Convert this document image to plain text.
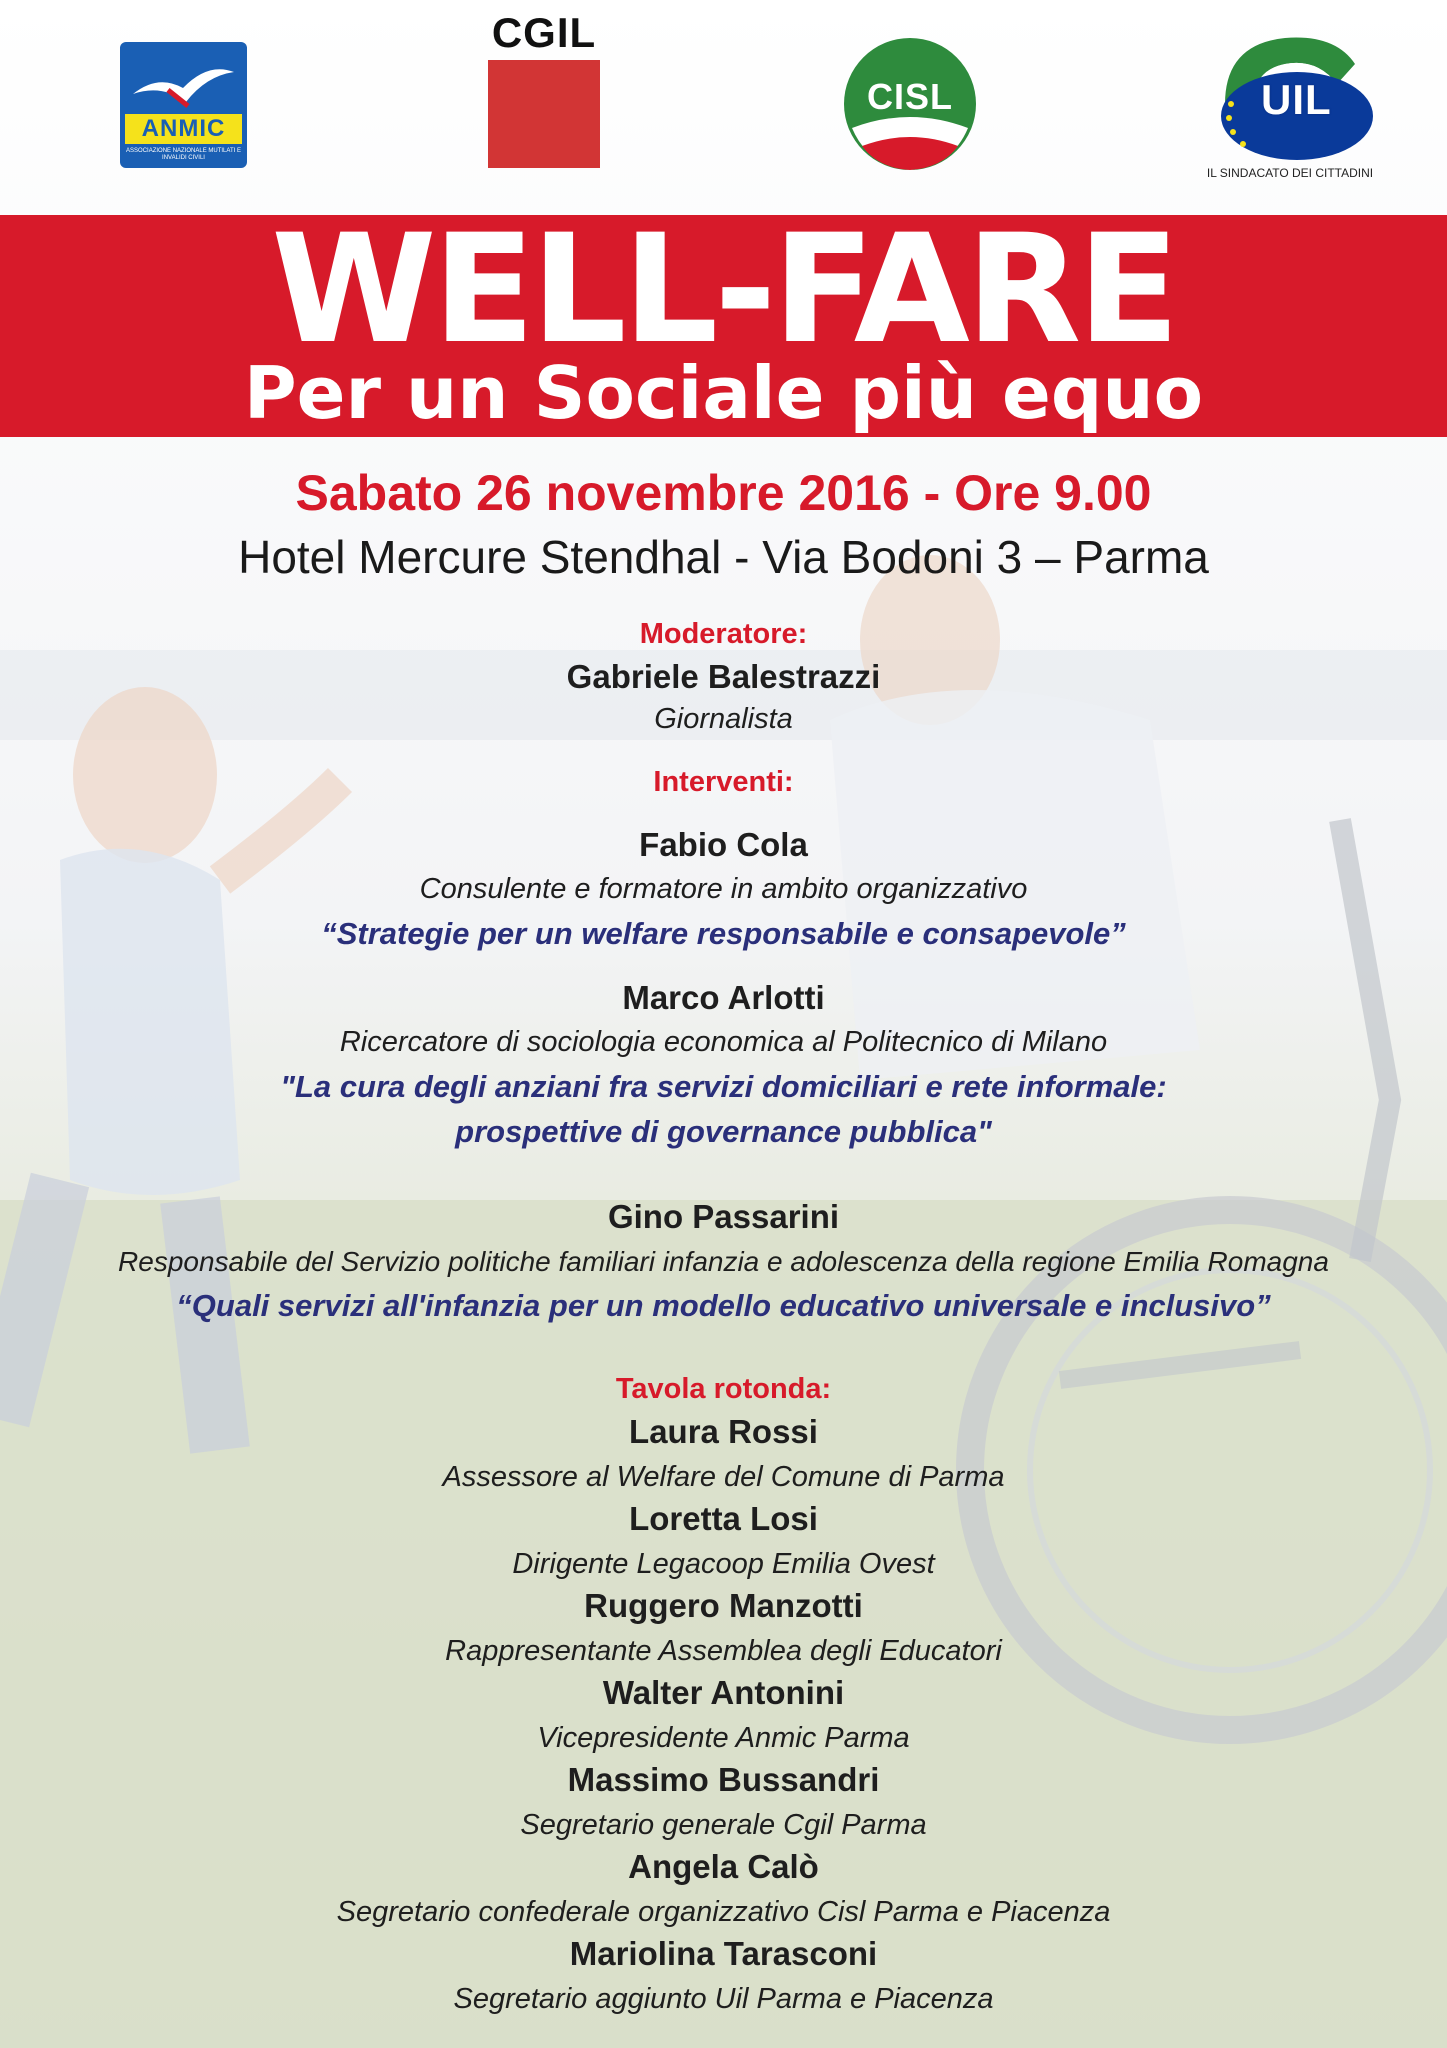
ANMIC
ASSOCIAZIONE NAZIONALE MUTILATI E INVALIDI CIVILI
CGIL
CISL	UIL
IL SINDACATO DEI CITTADINI
WELL-FARE
Per un Sociale più equo
Sabato 26 novembre 2016 - Ore 9.00
Hotel Mercure Stendhal - Via Bodoni 3 – Parma
Moderatore:
Gabriele Balestrazzi
Giornalista
Interventi:
Fabio Cola
Consulente e formatore in ambito organizzativo
“Strategie per un welfare responsabile e consapevole”
Marco Arlotti
Ricercatore di sociologia economica al Politecnico di Milano
"La cura degli anziani fra servizi domiciliari e rete informale:
prospettive di governance pubblica"
Gino Passarini
Responsabile del Servizio politiche familiari infanzia e adolescenza della regione Emilia Romagna
“Quali servizi all'infanzia per un modello educativo universale e inclusivo”
Tavola rotonda:
Laura Rossi
Assessore al Welfare del Comune di Parma
Loretta Losi
Dirigente Legacoop Emilia Ovest
Ruggero Manzotti
Rappresentante Assemblea degli Educatori
Walter Antonini
Vicepresidente Anmic Parma
Massimo Bussandri
Segretario generale Cgil Parma
Angela Calò
Segretario confederale organizzativo Cisl Parma e Piacenza
Mariolina Tarasconi
Segretario aggiunto Uil Parma e Piacenza
